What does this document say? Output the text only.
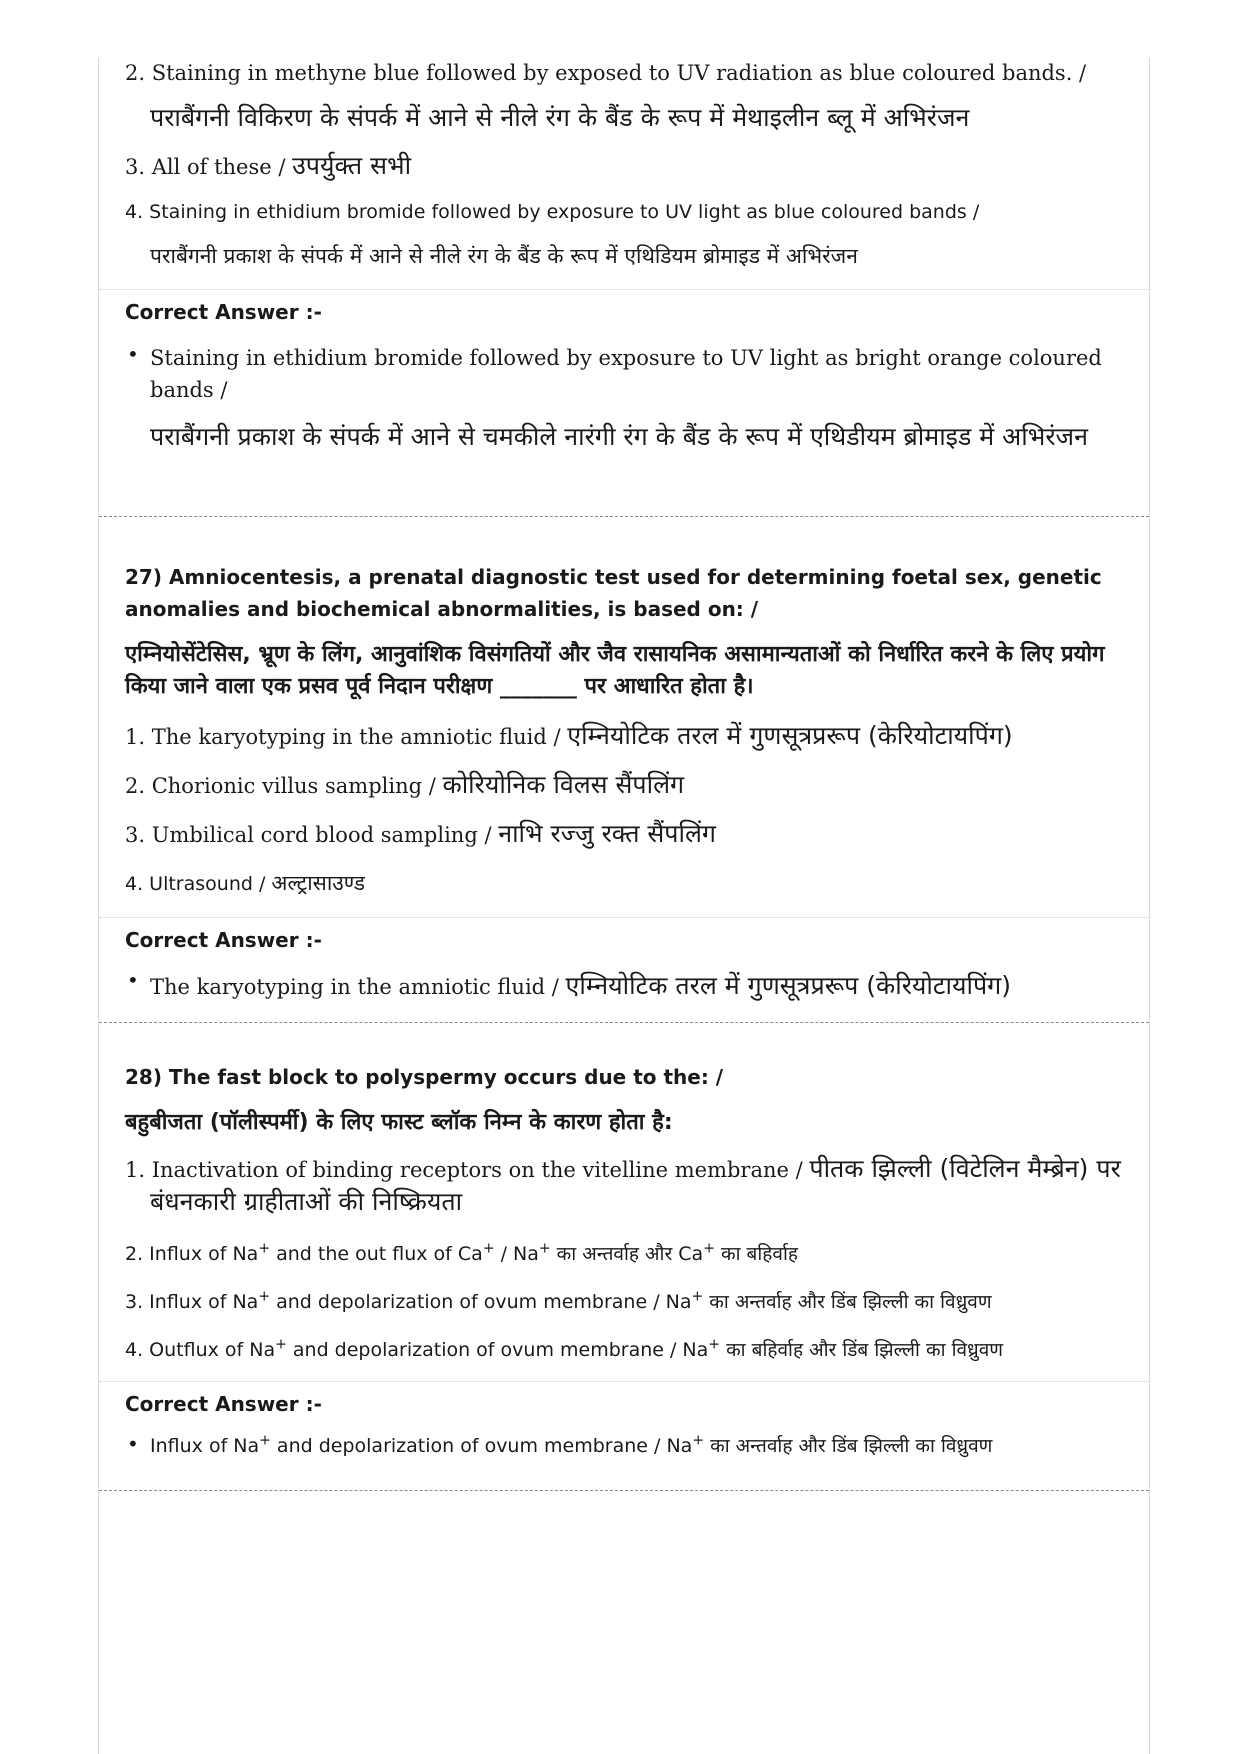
2. Staining in methyne blue followed by exposed to UV radiation as blue coloured bands. /

पराबैंगनी विकिरण के संपर्क में आने से नीले रंग के बैंड के रूप में मेथाइलीन ब्लू में अभिरंजन

3. All of these / उपर्युक्त सभी

4. Staining in ethidium bromide followed by exposure to UV light as blue coloured bands /

पराबैंगनी प्रकाश के संपर्क में आने से नीले रंग के बैंड के रूप में एथिडियम ब्रोमाइड में अभिरंजन

Correct Answer :-
• Staining in ethidium bromide followed by exposure to UV light as bright orange coloured bands /
पराबैंगनी प्रकाश के संपर्क में आने से चमकीले नारंगी रंग के बैंड के रूप में एथिडीयम ब्रोमाइड में अभिरंजन

27) Amniocentesis, a prenatal diagnostic test used for determining foetal sex, genetic anomalies and biochemical abnormalities, is based on: /

एम्नियोसेंटेसिस, भ्रूण के लिंग, आनुवांशिक विसंगतियों और जैव रासायनिक असामान्यताओं को निर्धारित करने के लिए प्रयोग किया जाने वाला एक प्रसव पूर्व निदान परीक्षण _______ पर आधारित होता है।

1. The karyotyping in the amniotic fluid / एम्नियोटिक तरल में गुणसूत्रप्ररूप (केरियोटायपिंग)

2. Chorionic villus sampling / कोरियोनिक विलस सैंपलिंग

3. Umbilical cord blood sampling / नाभि रज्जु रक्त सैंपलिंग

4. Ultrasound / अल्ट्रासाउण्ड

Correct Answer :-
• The karyotyping in the amniotic fluid / एम्नियोटिक तरल में गुणसूत्रप्ररूप (केरियोटायपिंग)

28) The fast block to polyspermy occurs due to the: /

बहुबीजता (पॉलीस्पर्मी) के लिए फास्ट ब्लॉक निम्न के कारण होता है:

1. Inactivation of binding receptors on the vitelline membrane / पीतक झिल्ली (विटेलिन मैम्ब्रेन) पर बंधनकारी ग्राहीताओं की निष्क्रियता

2. Influx of Na+ and the out flux of Ca+ / Na+ का अन्तर्वाह और Ca+ का बहिर्वाह

3. Influx of Na+ and depolarization of ovum membrane / Na+ का अन्तर्वाह और डिंब झिल्ली का विध्रुवण

4. Outflux of Na+ and depolarization of ovum membrane / Na+ का बहिर्वाह और डिंब झिल्ली का विध्रुवण

Correct Answer :-
• Influx of Na+ and depolarization of ovum membrane / Na+ का अन्तर्वाह और डिंब झिल्ली का विध्रुवण
